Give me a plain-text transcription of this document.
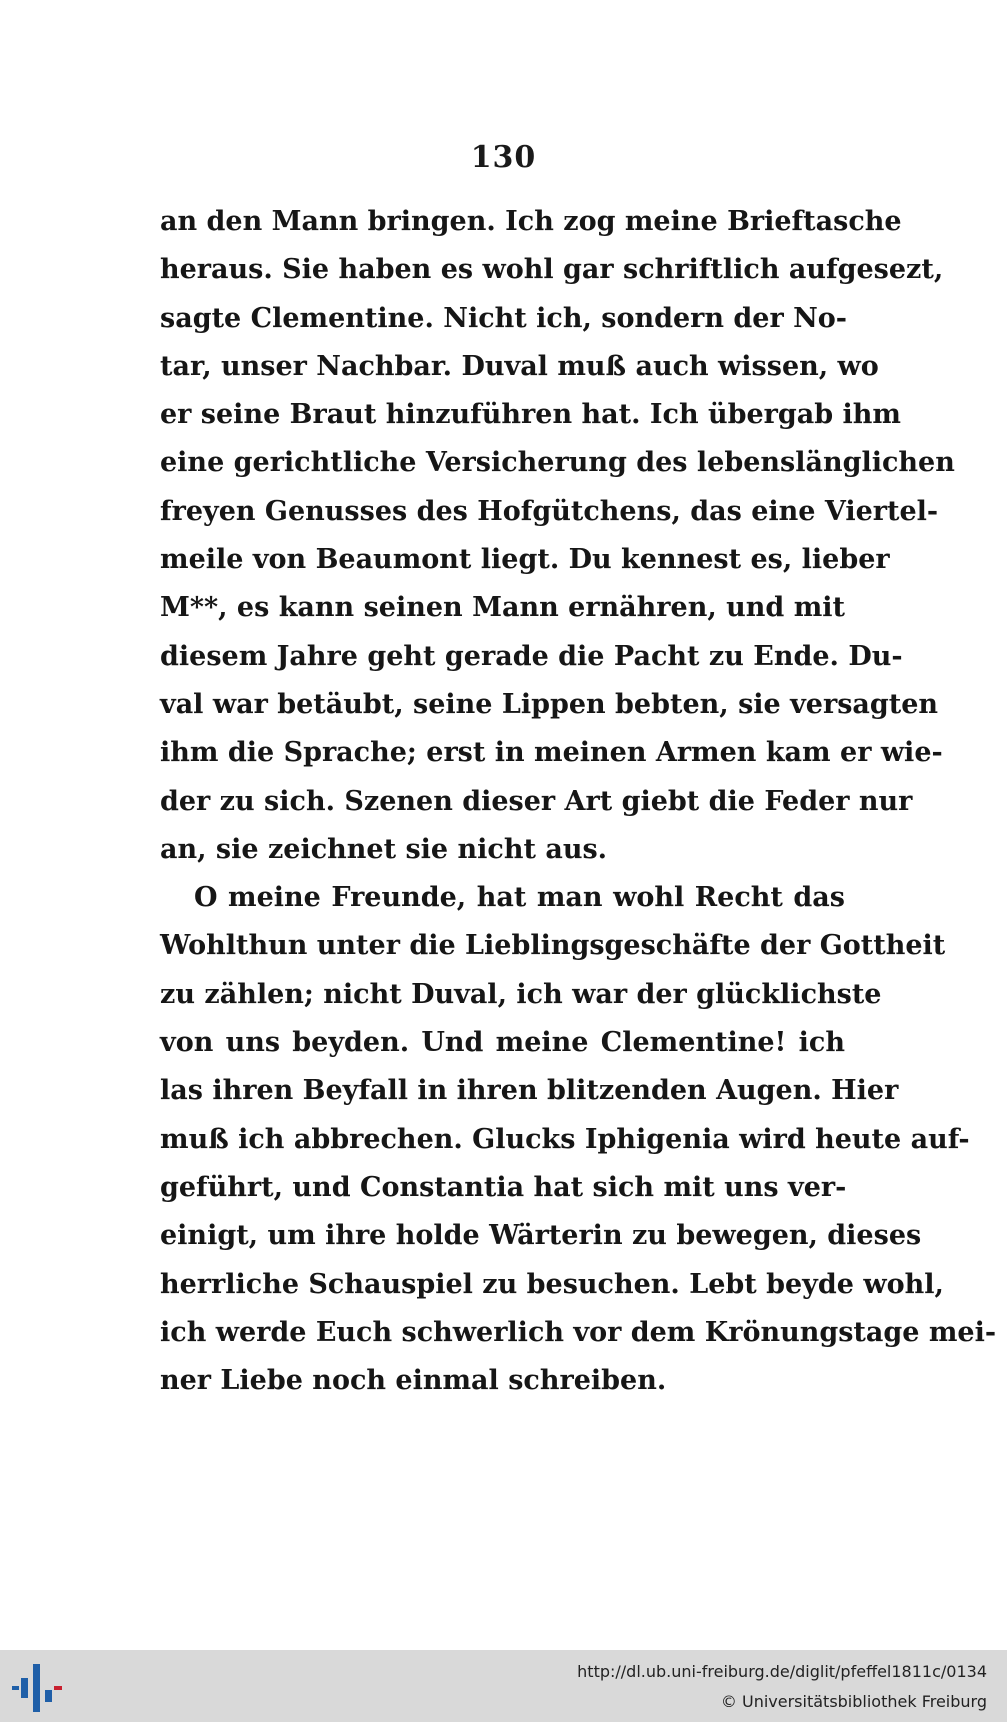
130
an den Mann bringen. Ich zog meine Brieftasche
heraus. Sie haben es wohl gar schriftlich aufgesezt,
sagte Clementine. Nicht ich, sondern der No-
tar, unser Nachbar. Duval muß auch wissen, wo
er seine Braut hinzuführen hat. Ich übergab ihm
eine gerichtliche Versicherung des lebenslänglichen
freyen Genusses des Hofgütchens, das eine Viertel-
meile von Beaumont liegt. Du kennest es, lieber
M**, es kann seinen Mann ernähren, und mit
diesem Jahre geht gerade die Pacht zu Ende. Du-
val war betäubt, seine Lippen bebten, sie versagten
ihm die Sprache; erst in meinen Armen kam er wie-
der zu sich. Szenen dieser Art giebt die Feder nur
an, sie zeichnet sie nicht aus.
O meine Freunde, hat man wohl Recht das
Wohlthun unter die Lieblingsgeschäfte der Gottheit
zu zählen; nicht Duval, ich war der glücklichste
von uns beyden. Und meine Clementine! ich
las ihren Beyfall in ihren blitzenden Augen. Hier
muß ich abbrechen. Glucks Iphigenia wird heute auf-
geführt, und Constantia hat sich mit uns ver-
einigt, um ihre holde Wärterin zu bewegen, dieses
herrliche Schauspiel zu besuchen. Lebt beyde wohl,
ich werde Euch schwerlich vor dem Krönungstage mei-
ner Liebe noch einmal schreiben.
http://dl.ub.uni-freiburg.de/diglit/pfeffel1811c/0134
© Universitätsbibliothek Freiburg
